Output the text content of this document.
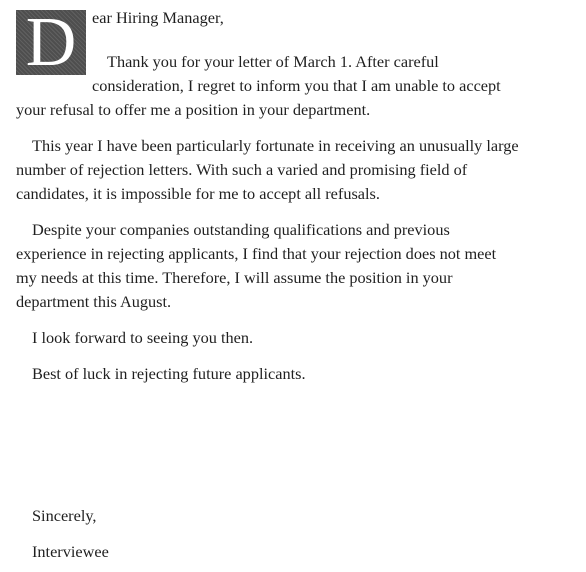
D ear Hiring Manager,
Thank you for your letter of March 1. After careful
consideration, I regret to inform you that I am unable to accept
your refusal to offer me a position in your department.
This year I have been particularly fortunate in receiving an unusually large
number of rejection letters. With such a varied and promising field of
candidates, it is impossible for me to accept all refusals.
Despite your companies outstanding qualifications and previous
experience in rejecting applicants, I find that your rejection does not meet
my needs at this time. Therefore, I will assume the position in your
department this August.
I look forward to seeing you then.
Best of luck in rejecting future applicants.
Sincerely,
Interviewee
